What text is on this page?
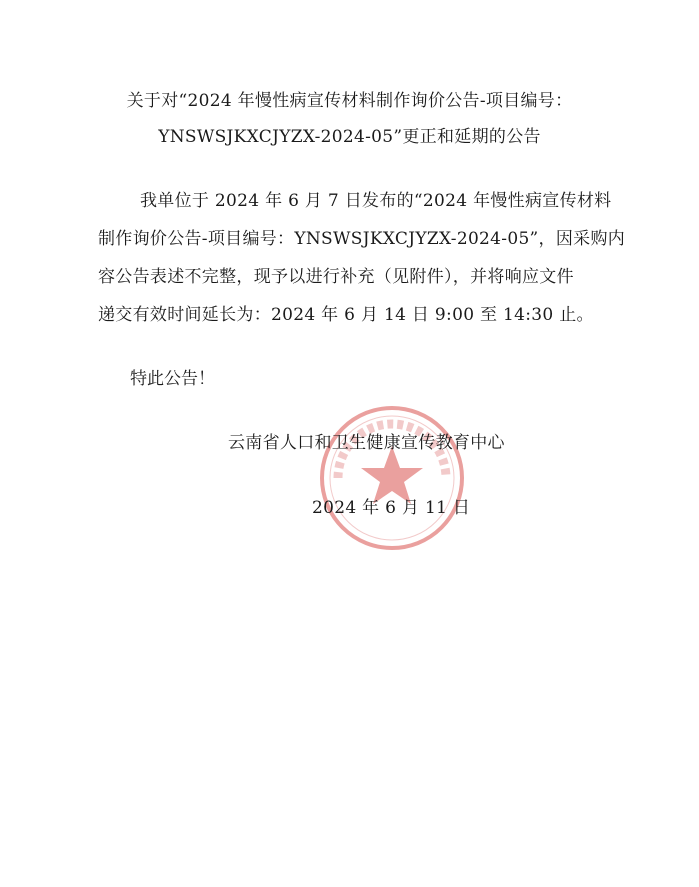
关于对“2024 年慢性病宣传材料制作询价公告-项目编号：
YNSWSJKXCJYZX-2024-05”更正和延期的公告
我单位于 2024 年 6 月 7 日发布的“2024 年慢性病宣传材料
制作询价公告-项目编号：YNSWSJKXCJYZX-2024-05”，因采购内
容公告表述不完整，现予以进行补充（见附件），并将响应文件
递交有效时间延长为：2024 年 6 月 14 日 9:00 至 14:30 止。
特此公告！
云南省人口和卫生健康宣传教育中心
2024 年 6 月 11 日
